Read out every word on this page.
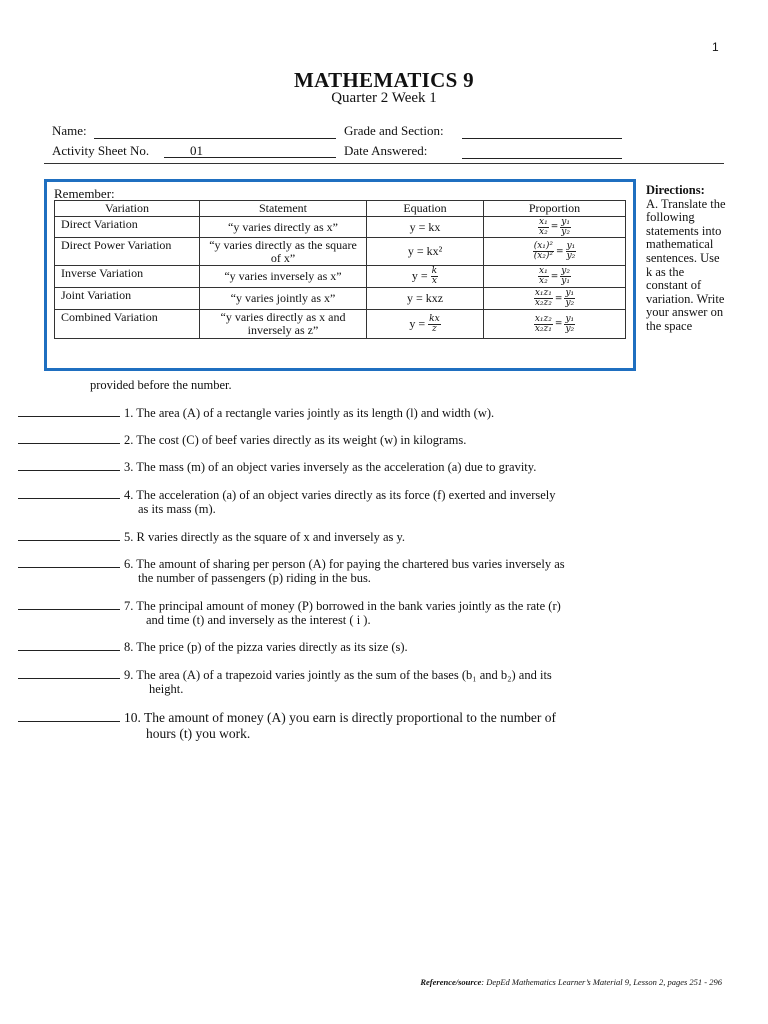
1
MATHEMATICS 9
Quarter 2 Week 1
Name:	Grade and Section:
Activity Sheet No.	01	Date Answered:
Remember:
Variation	Statement	Equation	Proportion
Direct Variation	“y varies directly as x”	y = kx	$\frac{\text{x₁}}{\text{x₂}} = \frac{\text{y₁}}{\text{y₂}}$

Direct Power Variation	“y varies directly as the square of x”	y = kx²	$\frac{\text{(x₁)²}}{\text{(x₂)²}} = \frac{\text{y₁}}{\text{y₂}}$

Inverse Variation	“y varies inversely as x”	$y = \frac{k}{x}$	$\frac{\text{x₁}}{\text{x₂}} = \frac{\text{y₂}}{\text{y₁}}$

Joint Variation	“y varies jointly as x”	y = kxz	$\frac{\text{x₁z₁}}{\text{x₂z₂}} = \frac{\text{y₁}}{\text{y₂}}$

Combined Variation	“y varies directly as x and inversely as z”	$y = \frac{kx}{z}$	$\frac{\text{x₁z₂}}{\text{x₂z₁}} = \frac{\text{y₁}}{\text{y₂}}$
Directions:
A. Translate the following statements into mathematical sentences. Use k as the constant of variation. Write your answer on the space
provided before the number.
1. The area (A) of a rectangle varies jointly as its length (l) and width (w).
2. The cost (C) of beef varies directly as its weight (w) in kilograms.
3. The mass (m) of an object varies inversely as the acceleration (a) due to gravity.
4. The acceleration (a) of an object varies directly as its force (f) exerted and inversely
as its mass (m).
5. R varies directly as the square of x and inversely as y.
6. The amount of sharing per person (A) for paying the chartered bus varies inversely as
the number of passengers (p) riding in the bus.
7. The principal amount of money (P) borrowed in the bank varies jointly as the rate (r)
and time (t) and inversely as the interest ( i ).
8. The price (p) of the pizza varies directly as its size (s).
9. The area (A) of a trapezoid varies jointly as the sum of the bases (b₁ and b₂) and its
height.
10. The amount of money (A) you earn is directly proportional to the number of
hours (t) you work.
Reference/source: DepEd Mathematics Learner’s Material 9, Lesson 2, pages 251 - 296
